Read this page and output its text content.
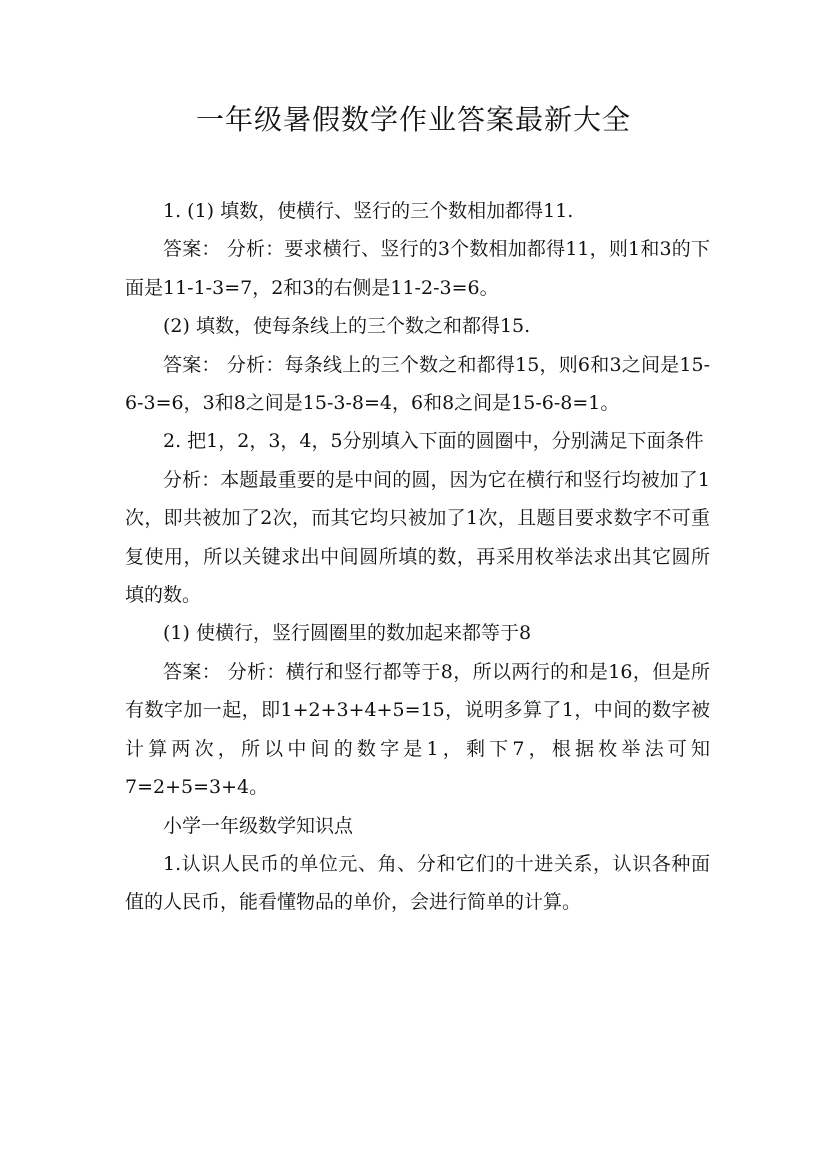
一年级暑假数学作业答案最新大全

1. (1) 填数，使横行、竖行的三个数相加都得11.

答案： 分析：要求横行、竖行的3个数相加都得11，则1和3的下面是11-1-3=7，2和3的右侧是11-2-3=6。

(2) 填数，使每条线上的三个数之和都得15.

答案： 分析：每条线上的三个数之和都得15，则6和3之间是15-6-3=6，3和8之间是15-3-8=4，6和8之间是15-6-8=1。

2. 把1，2，3，4，5分别填入下面的圆圈中，分别满足下面条件

分析：本题最重要的是中间的圆，因为它在横行和竖行均被加了1次，即共被加了2次，而其它均只被加了1次，且题目要求数字不可重复使用，所以关键求出中间圆所填的数，再采用枚举法求出其它圆所填的数。

(1) 使横行，竖行圆圈里的数加起来都等于8

答案： 分析：横行和竖行都等于8，所以两行的和是16，但是所有数字加一起，即1+2+3+4+5=15，说明多算了1，中间的数字被计算两次，所以中间的数字是1，剩下7，根据枚举法可知7=2+5=3+4。

小学一年级数学知识点

1.认识人民币的单位元、角、分和它们的十进关系，认识各种面值的人民币，能看懂物品的单价，会进行简单的计算。
